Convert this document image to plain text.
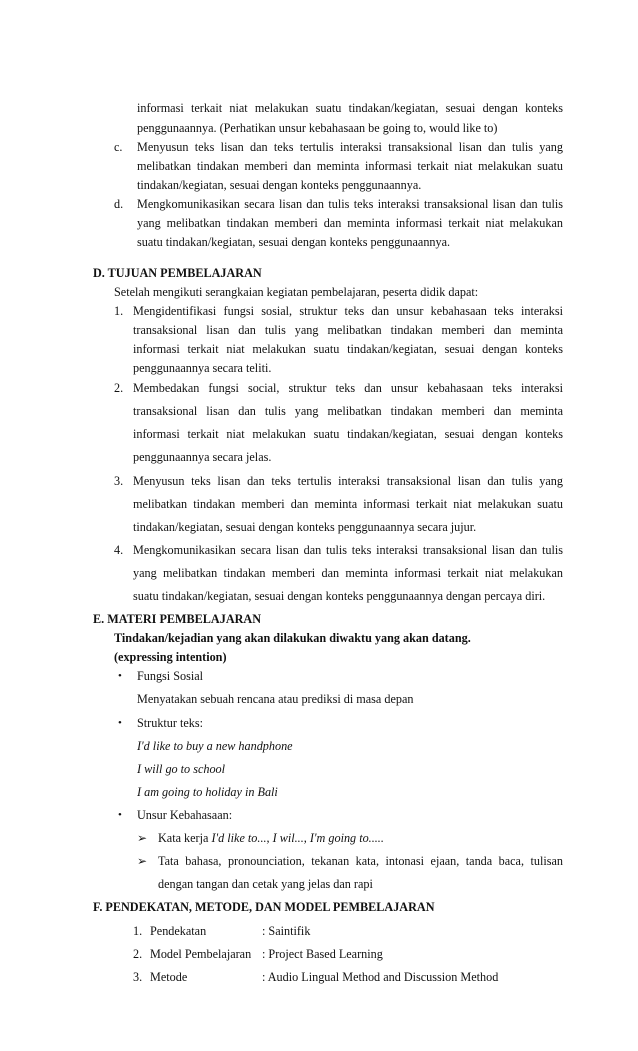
informasi terkait niat melakukan suatu tindakan/kegiatan, sesuai dengan konteks

penggunaannya. (Perhatikan unsur kebahasaan be going to, would like to)

c. Menyusun teks lisan dan teks tertulis interaksi transaksional lisan dan tulis yang

melibatkan tindakan memberi dan meminta informasi terkait niat melakukan suatu

tindakan/kegiatan, sesuai dengan konteks penggunaannya.

d. Mengkomunikasikan secara lisan dan tulis teks interaksi transaksional lisan dan tulis

yang melibatkan tindakan memberi dan meminta informasi terkait niat melakukan

suatu tindakan/kegiatan, sesuai dengan konteks penggunaannya.

D. TUJUAN PEMBELAJARAN

Setelah mengikuti serangkaian kegiatan pembelajaran, peserta didik dapat:

1. Mengidentifikasi fungsi sosial, struktur teks dan unsur kebahasaan teks interaksi

transaksional lisan dan tulis yang melibatkan tindakan memberi dan meminta

informasi terkait niat melakukan suatu tindakan/kegiatan, sesuai dengan konteks

penggunaannya secara teliti.

2. Membedakan fungsi social, struktur teks dan unsur kebahasaan teks interaksi

transaksional lisan dan tulis yang melibatkan tindakan memberi dan meminta

informasi terkait niat melakukan suatu tindakan/kegiatan, sesuai dengan konteks

penggunaannya secara jelas.

3. Menyusun teks lisan dan teks tertulis interaksi transaksional lisan dan tulis yang

melibatkan tindakan memberi dan meminta informasi terkait niat melakukan suatu

tindakan/kegiatan, sesuai dengan konteks penggunaannya secara jujur.

4. Mengkomunikasikan secara lisan dan tulis teks interaksi transaksional lisan dan tulis

yang melibatkan tindakan memberi dan meminta informasi terkait niat melakukan

suatu tindakan/kegiatan, sesuai dengan konteks penggunaannya dengan percaya diri.

E. MATERI PEMBELAJARAN

Tindakan/kejadian yang akan dilakukan diwaktu yang akan datang.

(expressing intention)

• Fungsi Sosial

Menyatakan sebuah rencana atau prediksi di masa depan

• Struktur teks:

I'd like to buy a new handphone

I will go to school

I am going to holiday in Bali

• Unsur Kebahasaan:

➢ Kata kerja I'd like to..., I wil..., I'm going to.....

➢ Tata bahasa, pronounciation, tekanan kata, intonasi ejaan, tanda baca, tulisan

dengan tangan dan cetak yang jelas dan rapi

F. PENDEKATAN, METODE, DAN MODEL PEMBELAJARAN

1. Pendekatan	: Saintifik

2. Model Pembelajaran : Project Based Learning

3. Metode	: Audio Lingual Method and Discussion Method
